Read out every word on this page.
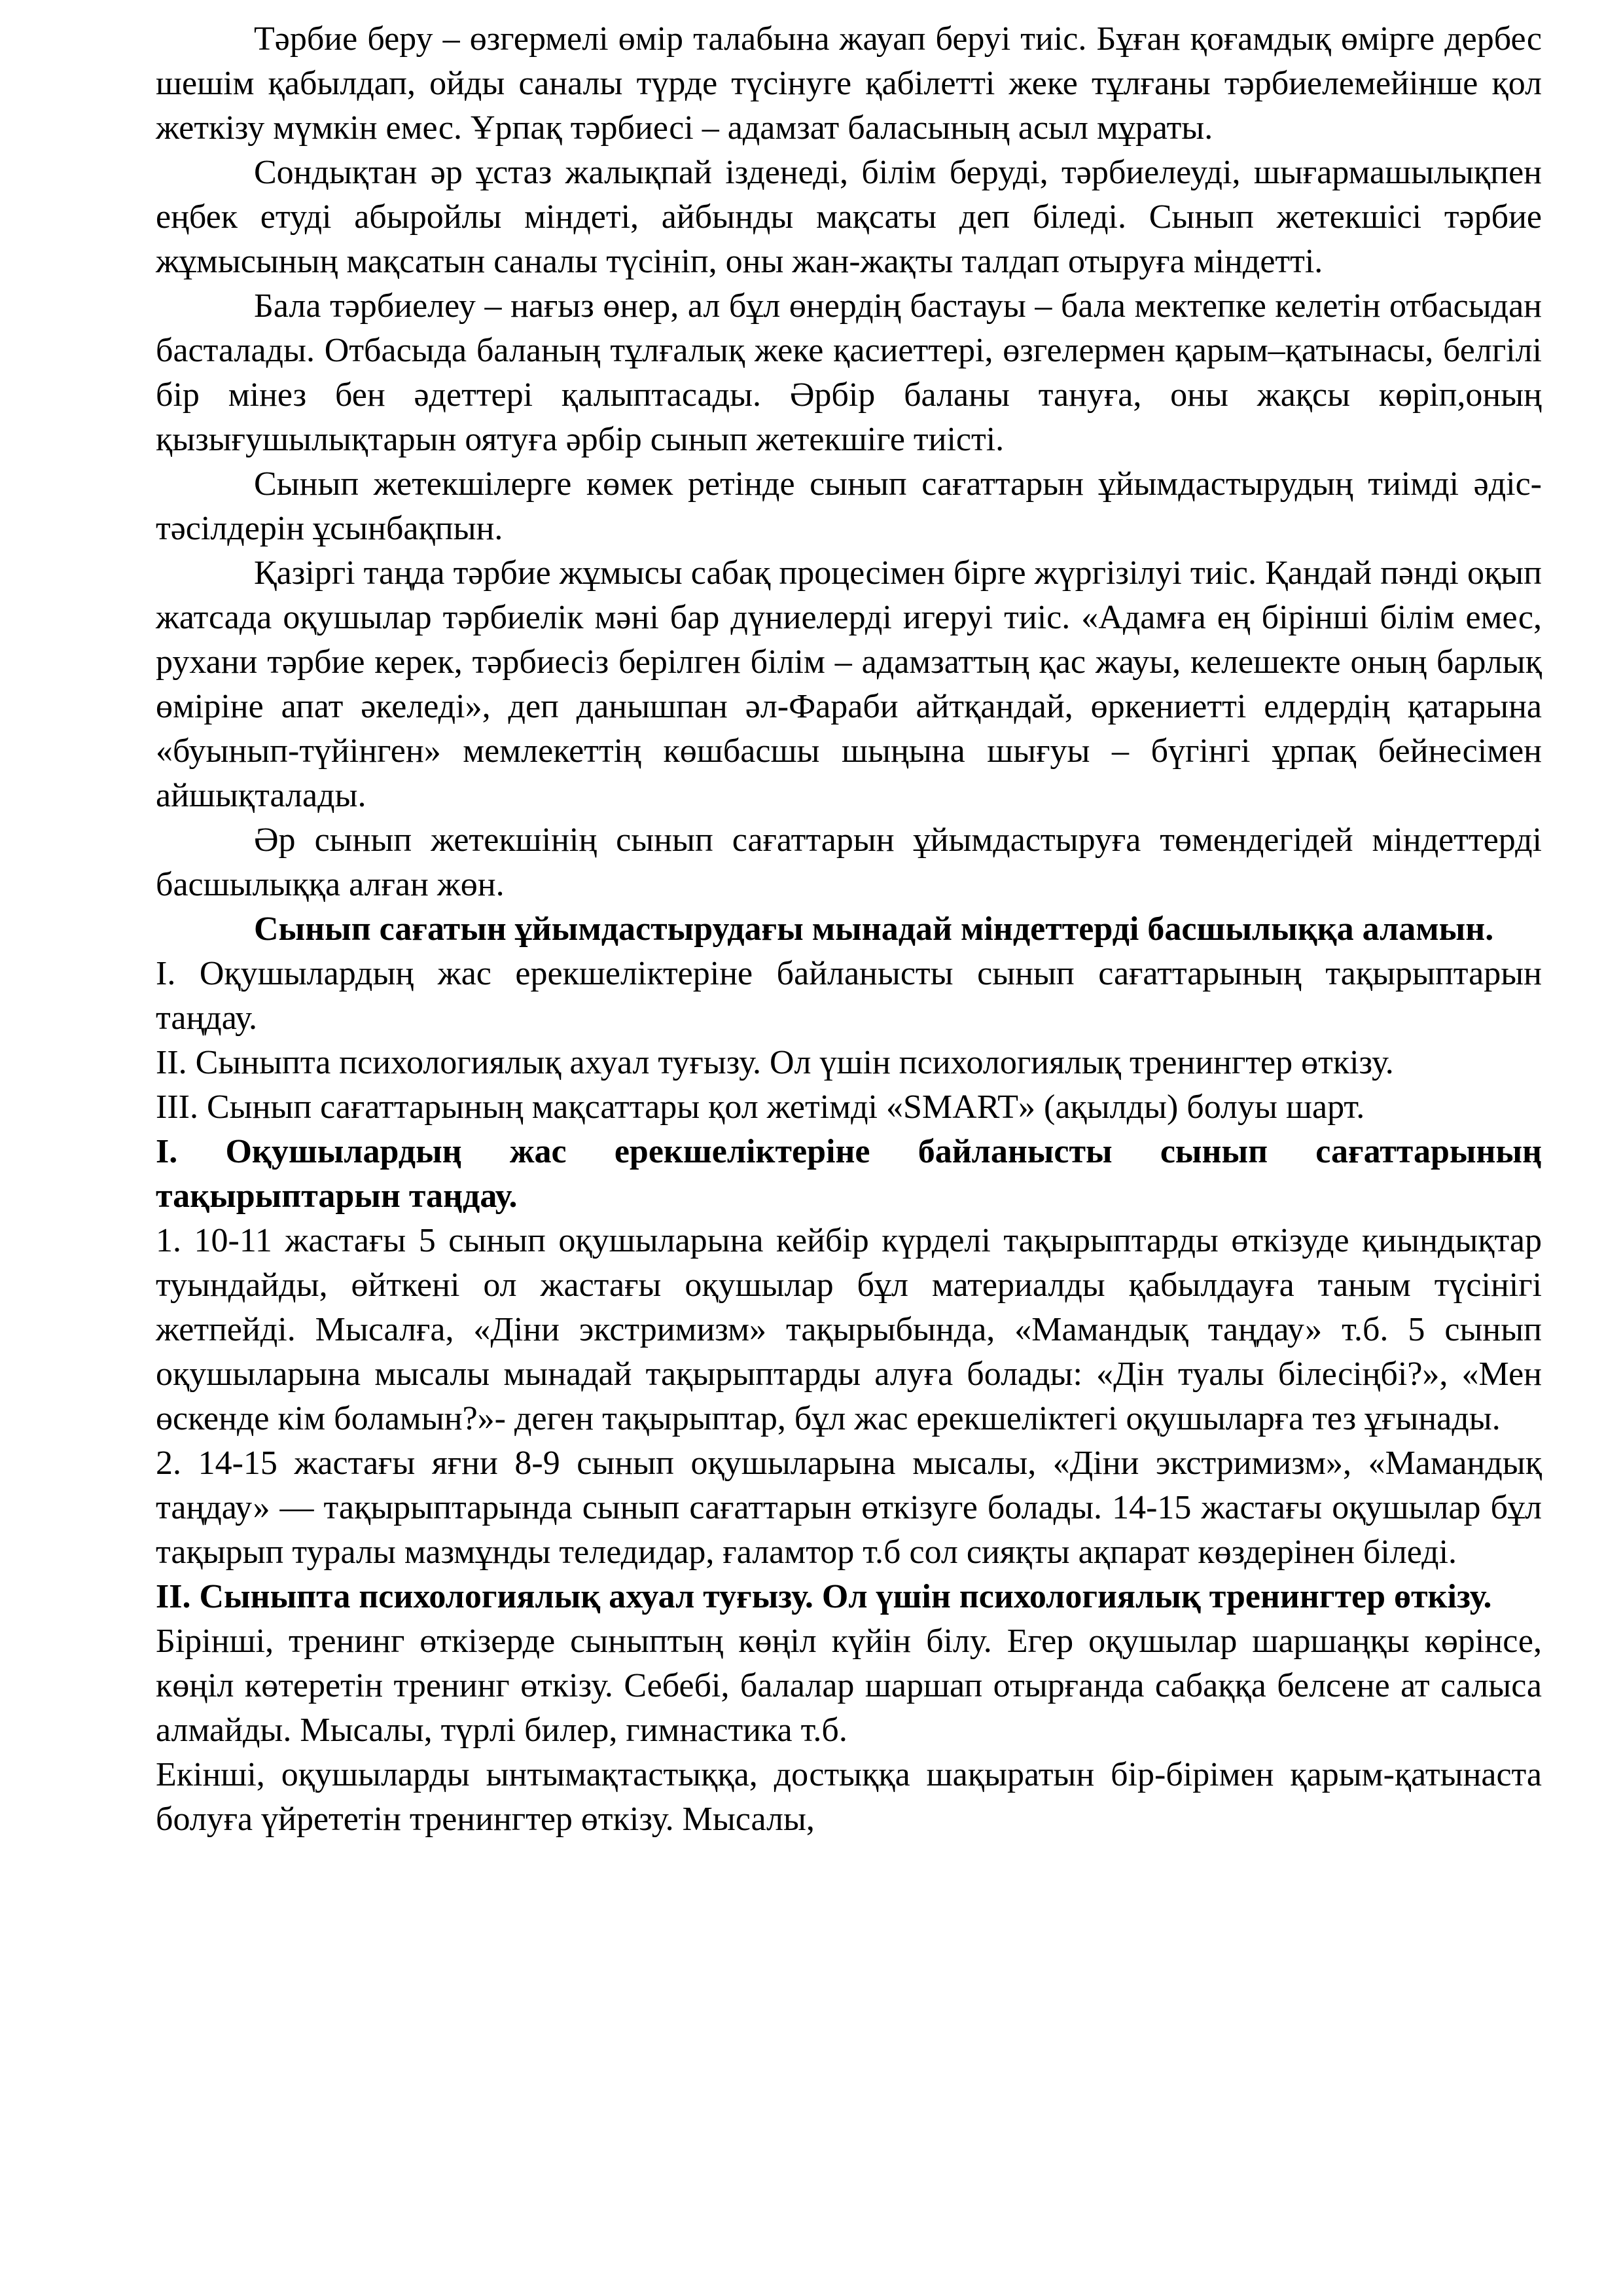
Тәрбие беру – өзгермелі өмір талабына жауап беруі тиіс. Бұған қоғамдық өмірге дербес шешім қабылдап, ойды саналы түрде түсінуге қабілетті жеке тұлғаны тәрбиелемейінше қол жеткізу мүмкін емес. Ұрпақ тәрбиесі – адамзат баласының асыл мұраты.

Сондықтан әр ұстаз жалықпай ізденеді, білім беруді, тәрбиелеуді, шығармашылықпен еңбек етуді абыройлы міндеті, айбынды мақсаты деп біледі. Сынып жетекшісі тәрбие жұмысының мақсатын саналы түсініп, оны жан-жақты талдап отыруға міндетті.

Бала тәрбиелеу – нағыз өнер, ал бұл өнердің бастауы – бала мектепке келетін отбасыдан басталады. Отбасыда баланың тұлғалық жеке қасиеттері, өзгелермен қарым–қатынасы, белгілі бір мінез бен әдеттері қалыптасады. Әрбір баланы тануға, оны жақсы көріп,оның қызығушылықтарын оятуға әрбір сынып жетекшіге тиісті.

Сынып жетекшілерге көмек ретінде сынып сағаттарын ұйымдастырудың тиімді әдіс-тәсілдерін ұсынбақпын.

Қазіргі таңда тәрбие жұмысы сабақ процесімен бірге жүргізілуі тиіс. Қандай пәнді оқып жатсада оқушылар тәрбиелік мәні бар дүниелерді игеруі тиіс. «Адамға ең бірінші білім емес, рухани тәрбие керек, тәрбиесіз берілген білім – адамзаттың қас жауы, келешекте оның барлық өміріне апат әкеледі», деп данышпан әл-Фараби айтқандай, өркениетті елдердің қатарына «буынып-түйінген» мемлекеттің көшбасшы шыңына шығуы – бүгінгі ұрпақ бейнесімен айшықталады.

Әр сынып жетекшінің сынып сағаттарын ұйымдастыруға төмендегідей міндеттерді басшылыққа алған жөн.

Сынып сағатын ұйымдастырудағы мынадай міндеттерді басшылыққа аламын.

I. Оқушылардың жас ерекшеліктеріне байланысты сынып сағаттарының тақырыптарын таңдау.

II. Сыныпта психологиялық ахуал туғызу. Ол үшін психологиялық тренингтер өткізу.

III. Сынып сағаттарының мақсаттары қол жетімді «SMART» (ақылды) болуы шарт.

I. Оқушылардың жас ерекшеліктеріне байланысты сынып сағаттарының тақырыптарын таңдау.

1. 10-11 жастағы 5 сынып оқушыларына кейбір күрделі тақырыптарды өткізуде қиындықтар туындайды, өйткені ол жастағы оқушылар бұл материалды қабылдауға таным түсінігі жетпейді. Мысалға, «Діни экстримизм» тақырыбында, «Мамандық таңдау» т.б. 5 сынып оқушыларына мысалы мынадай тақырыптарды алуға болады: «Дін туалы білесіңбі?», «Мен өскенде кім боламын?»- деген тақырыптар, бұл жас ерекшеліктегі оқушыларға тез ұғынады.

2. 14-15 жастағы яғни 8-9 сынып оқушыларына мысалы, «Діни экстримизм», «Мамандық таңдау» — тақырыптарында сынып сағаттарын өткізуге болады. 14-15 жастағы оқушылар бұл тақырып туралы мазмұнды теледидар, ғаламтор т.б сол сияқты ақпарат көздерінен біледі.

II. Сыныпта психологиялық ахуал туғызу. Ол үшін психологиялық тренингтер өткізу.

Бірінші, тренинг өткізерде сыныптың көңіл күйін білу. Егер оқушылар шаршаңқы көрінсе, көңіл көтеретін тренинг өткізу. Себебі, балалар шаршап отырғанда сабаққа белсене ат салыса алмайды. Мысалы, түрлі билер, гимнастика т.б.

Екінші, оқушыларды ынтымақтастыққа, достыққа шақыратын бір-бірімен қарым-қатынаста болуға үйрететін тренингтер өткізу. Мысалы,
